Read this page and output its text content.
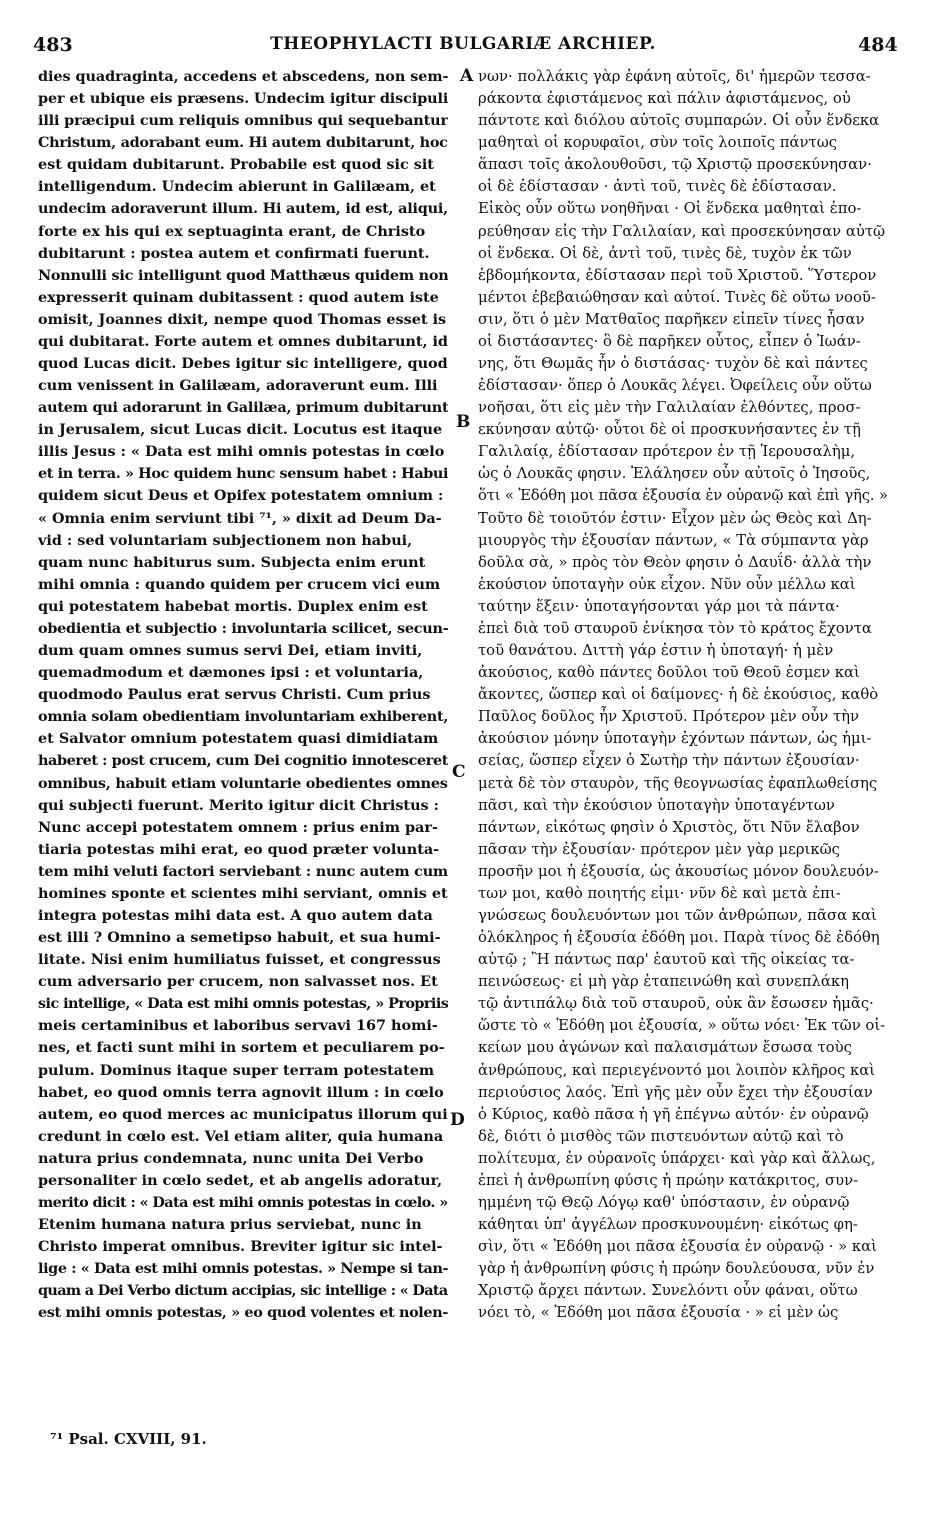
483	THEOPHYLACTI BULGARIÆ ARCHIEP.	484
dies quadraginta, accedens et abscedens, non sem-
per et ubique eis præsens. Undecim igitur discipuli
illi præcipui cum reliquis omnibus qui sequebantur
Christum, adorabant eum. Hi autem dubitarunt, hoc
est quidam dubitarunt. Probabile est quod sic sit
intelligendum. Undecim abierunt in Galilæam, et
undecim adoraverunt illum. Hi autem, id est, aliqui,
forte ex his qui ex septuaginta erant, de Christo
dubitarunt : postea autem et confirmati fuerunt.
Nonnulli sic intelligunt quod Matthæus quidem non
expresserit quinam dubitassent : quod autem iste
omisit, Joannes dixit, nempe quod Thomas esset is
qui dubitarat. Forte autem et omnes dubitarunt, id
quod Lucas dicit. Debes igitur sic intelligere, quod
cum venissent in Galilæam, adoraverunt eum. Illi
autem qui adorarunt in Galilæa, primum dubitarunt
in Jerusalem, sicut Lucas dicit. Locutus est itaque
illis Jesus : « Data est mihi omnis potestas in cœlo
et in terra. » Hoc quidem hunc sensum habet : Habui
quidem sicut Deus et Opifex potestatem omnium :
« Omnia enim serviunt tibi ⁷¹, » dixit ad Deum Da-
vid : sed voluntariam subjectionem non habui,
quam nunc habiturus sum. Subjecta enim erunt
mihi omnia : quando quidem per crucem vici eum
qui potestatem habebat mortis. Duplex enim est
obedientia et subjectio : involuntaria scilicet, secun-
dum quam omnes sumus servi Dei, etiam inviti,
quemadmodum et dæmones ipsi : et voluntaria,
quodmodo Paulus erat servus Christi. Cum prius
omnia solam obedientiam involuntariam exhiberent,
et Salvator omnium potestatem quasi dimidiatam
haberet : post crucem, cum Dei cognitio innotesceret
omnibus, habuit etiam voluntarie obedientes omnes
qui subjecti fuerunt. Merito igitur dicit Christus :
Nunc accepi potestatem omnem : prius enim par-
tiaria potestas mihi erat, eo quod præter volunta-
tem mihi veluti factori serviebant : nunc autem cum
homines sponte et scientes mihi serviant, omnis et
integra potestas mihi data est. A quo autem data
est illi ? Omnino a semetipso habuit, et sua humi-
litate. Nisi enim humiliatus fuisset, et congressus
cum adversario per crucem, non salvasset nos. Et
sic intellige, « Data est mihi omnis potestas, » Propriis
meis certaminibus et laboribus servavi 167 homi-
nes, et facti sunt mihi in sortem et peculiarem po-
pulum. Dominus itaque super terram potestatem
habet, eo quod omnis terra agnovit illum : in cœlo
autem, eo quod merces ac municipatus illorum qui
credunt in cœlo est. Vel etiam aliter, quia humana
natura prius condemnata, nunc unita Dei Verbo
personaliter in cœlo sedet, et ab angelis adoratur,
merito dicit : « Data est mihi omnis potestas in cœlo. »
Etenim humana natura prius serviebat, nunc in
Christo imperat omnibus. Breviter igitur sic intel-
lige : « Data est mihi omnis potestas. » Nempe si tan-
quam a Dei Verbo dictum accipias, sic intellige : « Data
est mihi omnis potestas, » eo quod volentes et nolen-
νων· πολλάκις γὰρ ἐφάνη αὐτοῖς, δι' ἡμερῶν τεσσα-
ράκοντα ἐφιστάμενος καὶ πάλιν ἀφιστάμενος, οὐ
πάντοτε καὶ διόλου αὐτοῖς συμπαρών. Οἱ οὖν ἕνδεκα
μαθηταὶ οἱ κορυφαῖοι, σὺν τοῖς λοιποῖς πάντως
ἅπασι τοῖς ἀκολουθοῦσι, τῷ Χριστῷ προσεκύνησαν·
οἱ δὲ ἐδίστασαν · ἀντὶ τοῦ, τινὲς δὲ ἐδίστασαν.
Εἰκὸς οὖν οὕτω νοηθῆναι · Οἱ ἕνδεκα μαθηταὶ ἐπο-
ρεύθησαν εἰς τὴν Γαλιλαίαν, καὶ προσεκύνησαν αὐτῷ
οἱ ἕνδεκα. Οἱ δὲ, ἀντὶ τοῦ, τινὲς δὲ, τυχὸν ἐκ τῶν
ἑβδομήκοντα, ἐδίστασαν περὶ τοῦ Χριστοῦ. Ὕστερον
μέντοι ἐβεβαιώθησαν καὶ αὐτοί. Τινὲς δὲ οὕτω νοοῦ-
σιν, ὅτι ὁ μὲν Ματθαῖος παρῆκεν εἰπεῖν τίνες ἦσαν
οἱ διστάσαντες· ὃ δὲ παρῆκεν οὗτος, εἶπεν ὁ Ἰωάν-
νης, ὅτι Θωμᾶς ἦν ὁ διστάσας· τυχὸν δὲ καὶ πάντες
ἐδίστασαν· ὅπερ ὁ Λουκᾶς λέγει. Ὀφείλεις οὖν οὕτω
νοῆσαι, ὅτι εἰς μὲν τὴν Γαλιλαίαν ἐλθόντες, προσ-
εκύνησαν αὐτῷ· οὗτοι δὲ οἱ προσκυνήσαντες ἐν τῇ
Γαλιλαίᾳ, ἐδίστασαν πρότερον ἐν τῇ Ἱερουσαλὴμ,
ὡς ὁ Λουκᾶς φησιν. Ἐλάλησεν οὖν αὐτοῖς ὁ Ἰησοῦς,
ὅτι « Ἐδόθη μοι πᾶσα ἐξουσία ἐν οὐρανῷ καὶ ἐπὶ γῆς. »
Τοῦτο δὲ τοιοῦτόν ἐστιν· Εἶχον μὲν ὡς Θεὸς καὶ Δη-
μιουργὸς τὴν ἐξουσίαν πάντων, « Τὰ σύμπαντα γὰρ
δοῦλα σὰ, » πρὸς τὸν Θεὸν φησιν ὁ Δαυΐδ· ἀλλὰ τὴν
ἑκούσιον ὑποταγὴν οὐκ εἶχον. Νῦν οὖν μέλλω καὶ
ταύτην ἕξειν· ὑποταγήσονται γάρ μοι τὰ πάντα·
ἐπεὶ διὰ τοῦ σταυροῦ ἐνίκησα τὸν τὸ κράτος ἔχοντα
τοῦ θανάτου. Διττὴ γάρ ἐστιν ἡ ὑποταγή· ἡ μὲν
ἀκούσιος, καθὸ πάντες δοῦλοι τοῦ Θεοῦ ἐσμεν καὶ
ἄκοντες, ὥσπερ καὶ οἱ δαίμονες· ἡ δὲ ἑκούσιος, καθὸ
Παῦλος δοῦλος ἦν Χριστοῦ. Πρότερον μὲν οὖν τὴν
ἀκούσιον μόνην ὑποταγὴν ἐχόντων πάντων, ὡς ἡμι-
σείας, ὥσπερ εἶχεν ὁ Σωτὴρ τὴν πάντων ἐξουσίαν·
μετὰ δὲ τὸν σταυρὸν, τῆς θεογνωσίας ἐφαπλωθείσης
πᾶσι, καὶ τὴν ἑκούσιον ὑποταγὴν ὑποταγέντων
πάντων, εἰκότως φησὶν ὁ Χριστὸς, ὅτι Νῦν ἔλαβον
πᾶσαν τὴν ἐξουσίαν· πρότερον μὲν γὰρ μερικῶς
προσῆν μοι ἡ ἐξουσία, ὡς ἀκουσίως μόνον δουλευόν-
των μοι, καθὸ ποιητής εἰμι· νῦν δὲ καὶ μετὰ ἐπι-
γνώσεως δουλευόντων μοι τῶν ἀνθρώπων, πᾶσα καὶ
ὁλόκληρος ἡ ἐξουσία ἐδόθη μοι. Παρὰ τίνος δὲ ἐδόθη
αὐτῷ ; Ἢ πάντως παρ' ἑαυτοῦ καὶ τῆς οἰκείας τα-
πεινώσεως· εἰ μὴ γὰρ ἐταπεινώθη καὶ συνεπλάκη
τῷ ἀντιπάλῳ διὰ τοῦ σταυροῦ, οὐκ ἂν ἔσωσεν ἡμᾶς·
ὥστε τὸ « Ἐδόθη μοι ἐξουσία, » οὕτω νόει· Ἐκ τῶν οἰ-
κείων μου ἀγώνων καὶ παλαισμάτων ἔσωσα τοὺς
ἀνθρώπους, καὶ περιεγένοντό μοι λοιπὸν κλῆρος καὶ
περιούσιος λαός. Ἐπὶ γῆς μὲν οὖν ἔχει τὴν ἐξουσίαν
ὁ Κύριος, καθὸ πᾶσα ἡ γῆ ἐπέγνω αὐτόν· ἐν οὐρανῷ
δὲ, διότι ὁ μισθὸς τῶν πιστευόντων αὐτῷ καὶ τὸ
πολίτευμα, ἐν οὐρανοῖς ὑπάρχει· καὶ γὰρ καὶ ἄλλως,
ἐπεὶ ἡ ἀνθρωπίνη φύσις ἡ πρώην κατάκριτος, συν-
ημμένη τῷ Θεῷ Λόγῳ καθ' ὑπόστασιν, ἐν οὐρανῷ
κάθηται ὑπ' ἀγγέλων προσκυνουμένη· εἰκότως φη-
σὶν, ὅτι « Ἐδόθη μοι πᾶσα ἐξουσία ἐν οὐρανῷ · » καὶ
γὰρ ἡ ἀνθρωπίνη φύσις ἡ πρώην δουλεύουσα, νῦν ἐν
Χριστῷ ἄρχει πάντων. Συνελόντι οὖν φάναι, οὕτω
νόει τὸ, « Ἐδόθη μοι πᾶσα ἐξουσία · » εἰ μὲν ὡς
A
B
C
D
⁷¹ Psal. CXVIII, 91.
